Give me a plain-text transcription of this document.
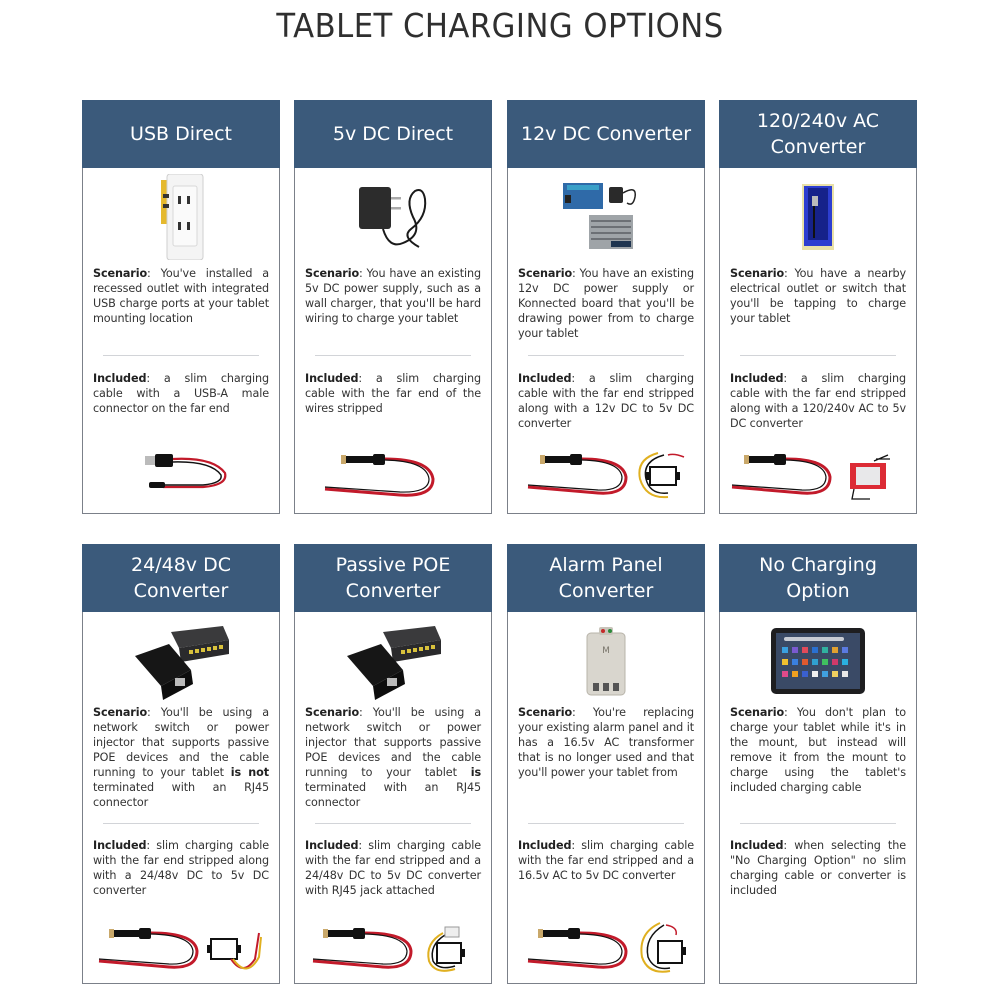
TABLET CHARGING OPTIONS
USB Direct
Scenario: You've installed a recessed outlet with integrated USB charge ports at your tablet mounting location
Included: a slim charging cable with a USB-A male connector on the far end
5v DC Direct
Scenario: You have an existing 5v DC power supply, such as a wall charger, that you'll be hard wiring to charge your tablet
Included: a slim charging cable with the far end of the wires stripped
12v DC Converter
Scenario: You have an existing 12v DC power supply or Konnected board that you'll be drawing power from to charge your tablet
Included: a slim charging cable with the far end stripped along with a 12v DC to 5v DC converter
120/240v AC Converter
Scenario: You have a nearby electrical outlet or switch that you'll be tapping to charge your tablet
Included: a slim charging cable with the far end stripped along with a 120/240v AC to 5v DC converter
24/48v DC Converter
Scenario: You'll be using a network switch or power injector that supports passive POE devices and the cable running to your tablet is not terminated with an RJ45 connector
Included: slim charging cable with the far end stripped along with a 24/48v DC to 5v DC converter
Passive POE Converter
Scenario: You'll be using a network switch or power injector that supports passive POE devices and the cable running to your tablet is terminated with an RJ45 connector
Included: slim charging cable with the far end stripped and a 24/48v DC to 5v DC converter with RJ45 jack attached
Alarm Panel Converter
M
Scenario: You're replacing your existing alarm panel and it has a 16.5v AC transformer that is no longer used and that you'll power your tablet from
Included: slim charging cable with the far end stripped and a 16.5v AC to 5v DC converter
No Charging Option
Scenario: You don't plan to charge your tablet while it's in the mount, but instead will remove it from the mount to charge using the tablet's included charging cable
Included: when selecting the "No Charging Option" no slim charging cable or converter is included
